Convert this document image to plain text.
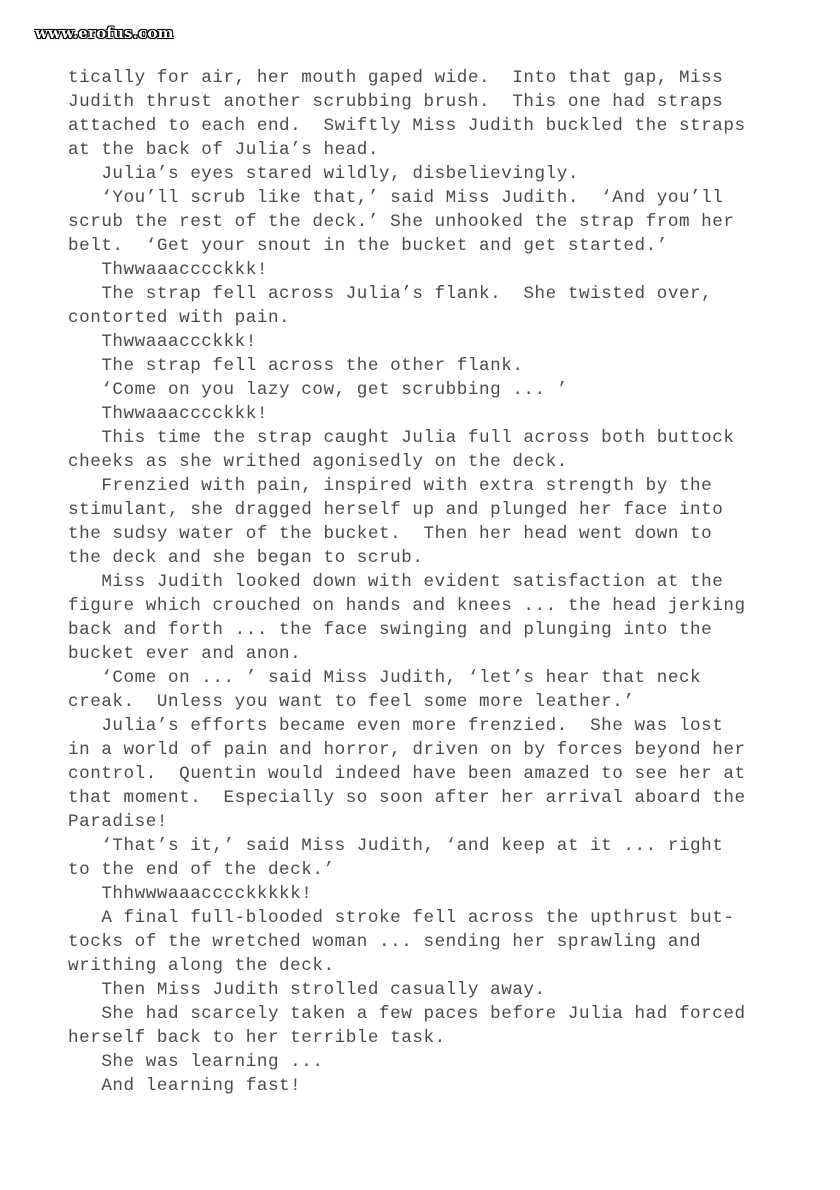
www.erofus.com
tically for air, her mouth gaped wide.  Into that gap, Miss
Judith thrust another scrubbing brush.  This one had straps
attached to each end.  Swiftly Miss Judith buckled the straps
at the back of Julia’s head.
Julia’s eyes stared wildly, disbelievingly.
‘You’ll scrub like that,’ said Miss Judith.  ‘And you’ll
scrub the rest of the deck.’ She unhooked the strap from her
belt.  ‘Get your snout in the bucket and get started.’
Thwwaaacccckkk!
The strap fell across Julia’s flank.  She twisted over,
contorted with pain.
Thwwaaaccckkk!
The strap fell across the other flank.
‘Come on you lazy cow, get scrubbing ... ’
Thwwaaacccckkk!
This time the strap caught Julia full across both buttock
cheeks as she writhed agonisedly on the deck.
Frenzied with pain, inspired with extra strength by the
stimulant, she dragged herself up and plunged her face into
the sudsy water of the bucket.  Then her head went down to
the deck and she began to scrub.
Miss Judith looked down with evident satisfaction at the
figure which crouched on hands and knees ... the head jerking
back and forth ... the face swinging and plunging into the
bucket ever and anon.
‘Come on ... ’ said Miss Judith, ‘let’s hear that neck
creak.  Unless you want to feel some more leather.’
Julia’s efforts became even more frenzied.  She was lost
in a world of pain and horror, driven on by forces beyond her
control.  Quentin would indeed have been amazed to see her at
that moment.  Especially so soon after her arrival aboard the
Paradise!
‘That’s it,’ said Miss Judith, ‘and keep at it ... right
to the end of the deck.’
Thhwwwaaacccckkkkk!
A final full-blooded stroke fell across the upthrust but-
tocks of the wretched woman ... sending her sprawling and
writhing along the deck.
Then Miss Judith strolled casually away.
She had scarcely taken a few paces before Julia had forced
herself back to her terrible task.
She was learning ...
And learning fast!
